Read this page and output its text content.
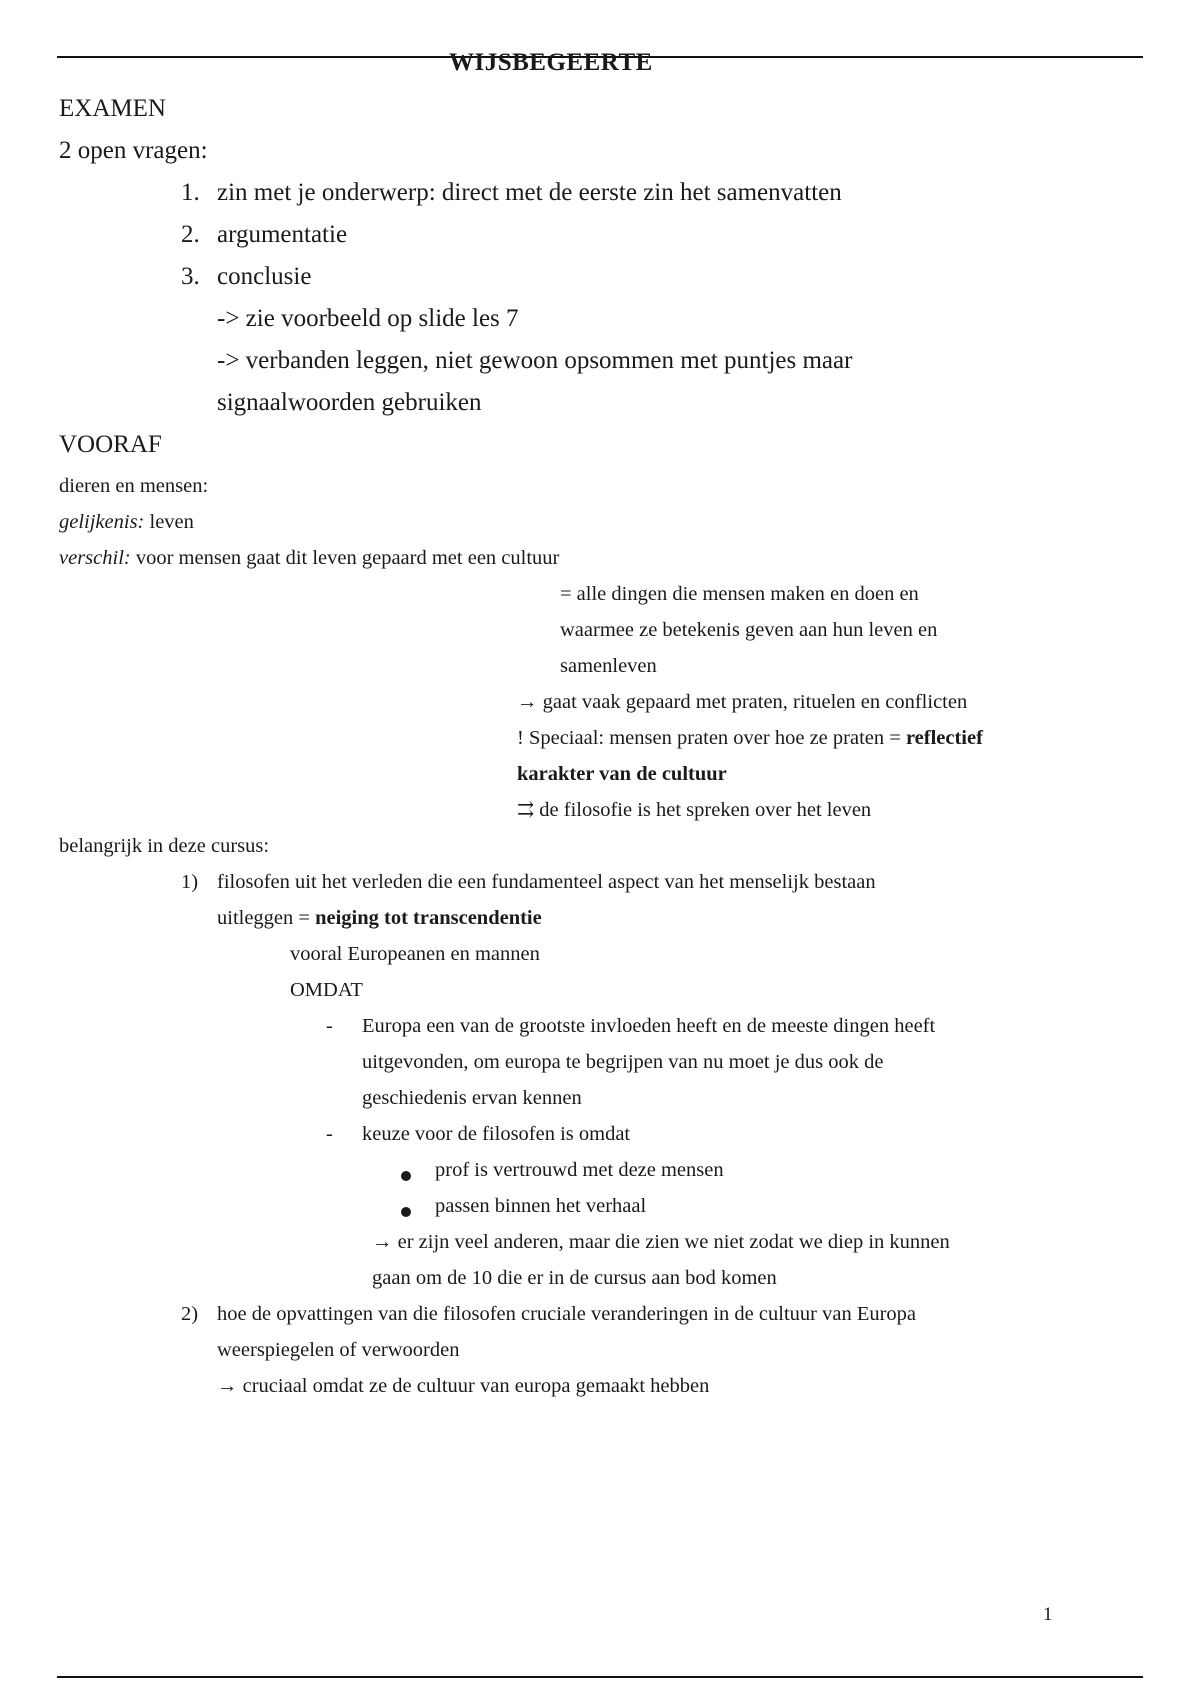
WIJSBEGEERTE
EXAMEN
2 open vragen:
1. zin met je onderwerp: direct met de eerste zin het samenvatten
2. argumentatie
3. conclusie
-> zie voorbeeld op slide les 7
-> verbanden leggen, niet gewoon opsommen met puntjes maar
signaalwoorden gebruiken
VOORAF
dieren en mensen:
gelijkenis: leven
verschil: voor mensen gaat dit leven gepaard met een cultuur
= alle dingen die mensen maken en doen en
waarmee ze betekenis geven aan hun leven en
samenleven
→ gaat vaak gepaard met praten, rituelen en conflicten
! Speciaal: mensen praten over hoe ze praten = reflectief
karakter van de cultuur
⇉ de filosofie is het spreken over het leven
belangrijk in deze cursus:
1) filosofen uit het verleden die een fundamenteel aspect van het menselijk bestaan
uitleggen = neiging tot transcendentie
vooral Europeanen en mannen
OMDAT
- Europa een van de grootste invloeden heeft en de meeste dingen heeft
uitgevonden, om europa te begrijpen van nu moet je dus ook de
geschiedenis ervan kennen
- keuze voor de filosofen is omdat
prof is vertrouwd met deze mensen
passen binnen het verhaal
→ er zijn veel anderen, maar die zien we niet zodat we diep in kunnen
gaan om de 10 die er in de cursus aan bod komen
2) hoe de opvattingen van die filosofen cruciale veranderingen in de cultuur van Europa
weerspiegelen of verwoorden
→ cruciaal omdat ze de cultuur van europa gemaakt hebben
1
